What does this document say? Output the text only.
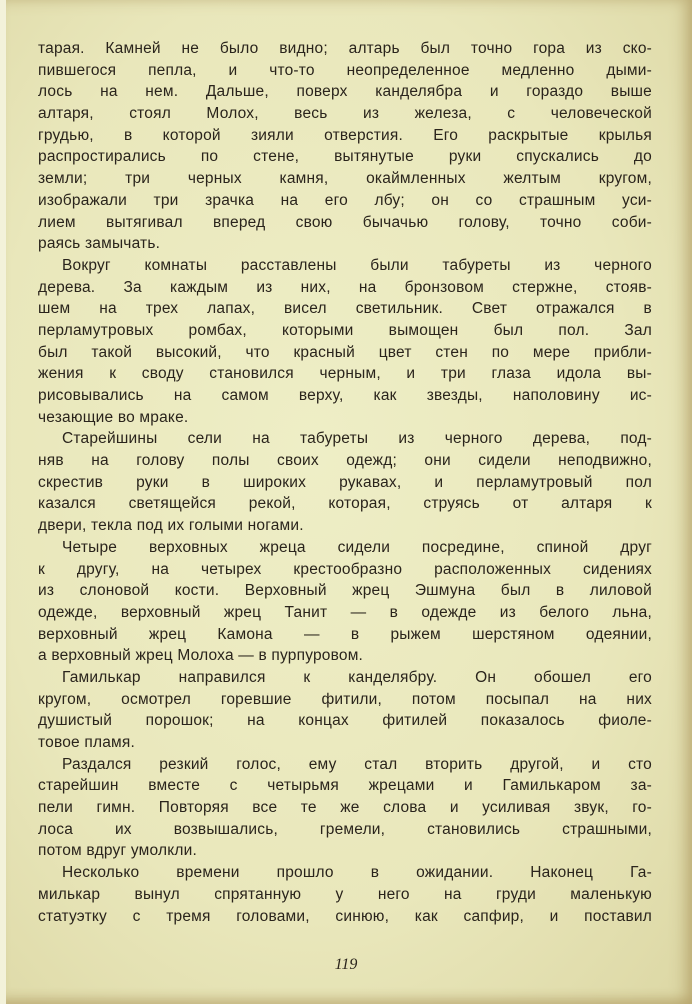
тарая. Камней не было видно; алтарь был точно гора из ско-
пившегося пепла, и что-то неопределенное медленно дыми-
лось на нем. Дальше, поверх канделябра и гораздо выше
алтаря, стоял Молох, весь из железа, с человеческой
грудью, в которой зияли отверстия. Его раскрытые крылья
распростирались по стене, вытянутые руки спускались до
земли; три черных камня, окаймленных желтым кругом,
изображали три зрачка на его лбу; он со страшным уси-
лием вытягивал вперед свою бычачью голову, точно соби-
раясь замычать.
Вокруг комнаты расставлены были табуреты из черного
дерева. За каждым из них, на бронзовом стержне, стояв-
шем на трех лапах, висел светильник. Свет отражался в
перламутровых ромбах, которыми вымощен был пол. Зал
был такой высокий, что красный цвет стен по мере прибли-
жения к своду становился черным, и три глаза идола вы-
рисовывались на самом верху, как звезды, наполовину ис-
чезающие во мраке.
Старейшины сели на табуреты из черного дерева, под-
няв на голову полы своих одежд; они сидели неподвижно,
скрестив руки в широких рукавах, и перламутровый пол
казался светящейся рекой, которая, струясь от алтаря к
двери, текла под их голыми ногами.
Четыре верховных жреца сидели посредине, спиной друг
к другу, на четырех крестообразно расположенных сидениях
из слоновой кости. Верховный жрец Эшмуна был в лиловой
одежде, верховный жрец Танит — в одежде из белого льна,
верховный жрец Камона — в рыжем шерстяном одеянии,
а верховный жрец Молоха — в пурпуровом.
Гамилькар направился к канделябру. Он обошел его
кругом, осмотрел горевшие фитили, потом посыпал на них
душистый порошок; на концах фитилей показалось фиоле-
товое пламя.
Раздался резкий голос, ему стал вторить другой, и сто
старейшин вместе с четырьмя жрецами и Гамилькаром за-
пели гимн. Повторяя все те же слова и усиливая звук, го-
лоса их возвышались, гремели, становились страшными,
потом вдруг умолкли.
Несколько времени прошло в ожидании. Наконец Га-
милькар вынул спрятанную у него на груди маленькую
статуэтку с тремя головами, синюю, как сапфир, и поставил
119
